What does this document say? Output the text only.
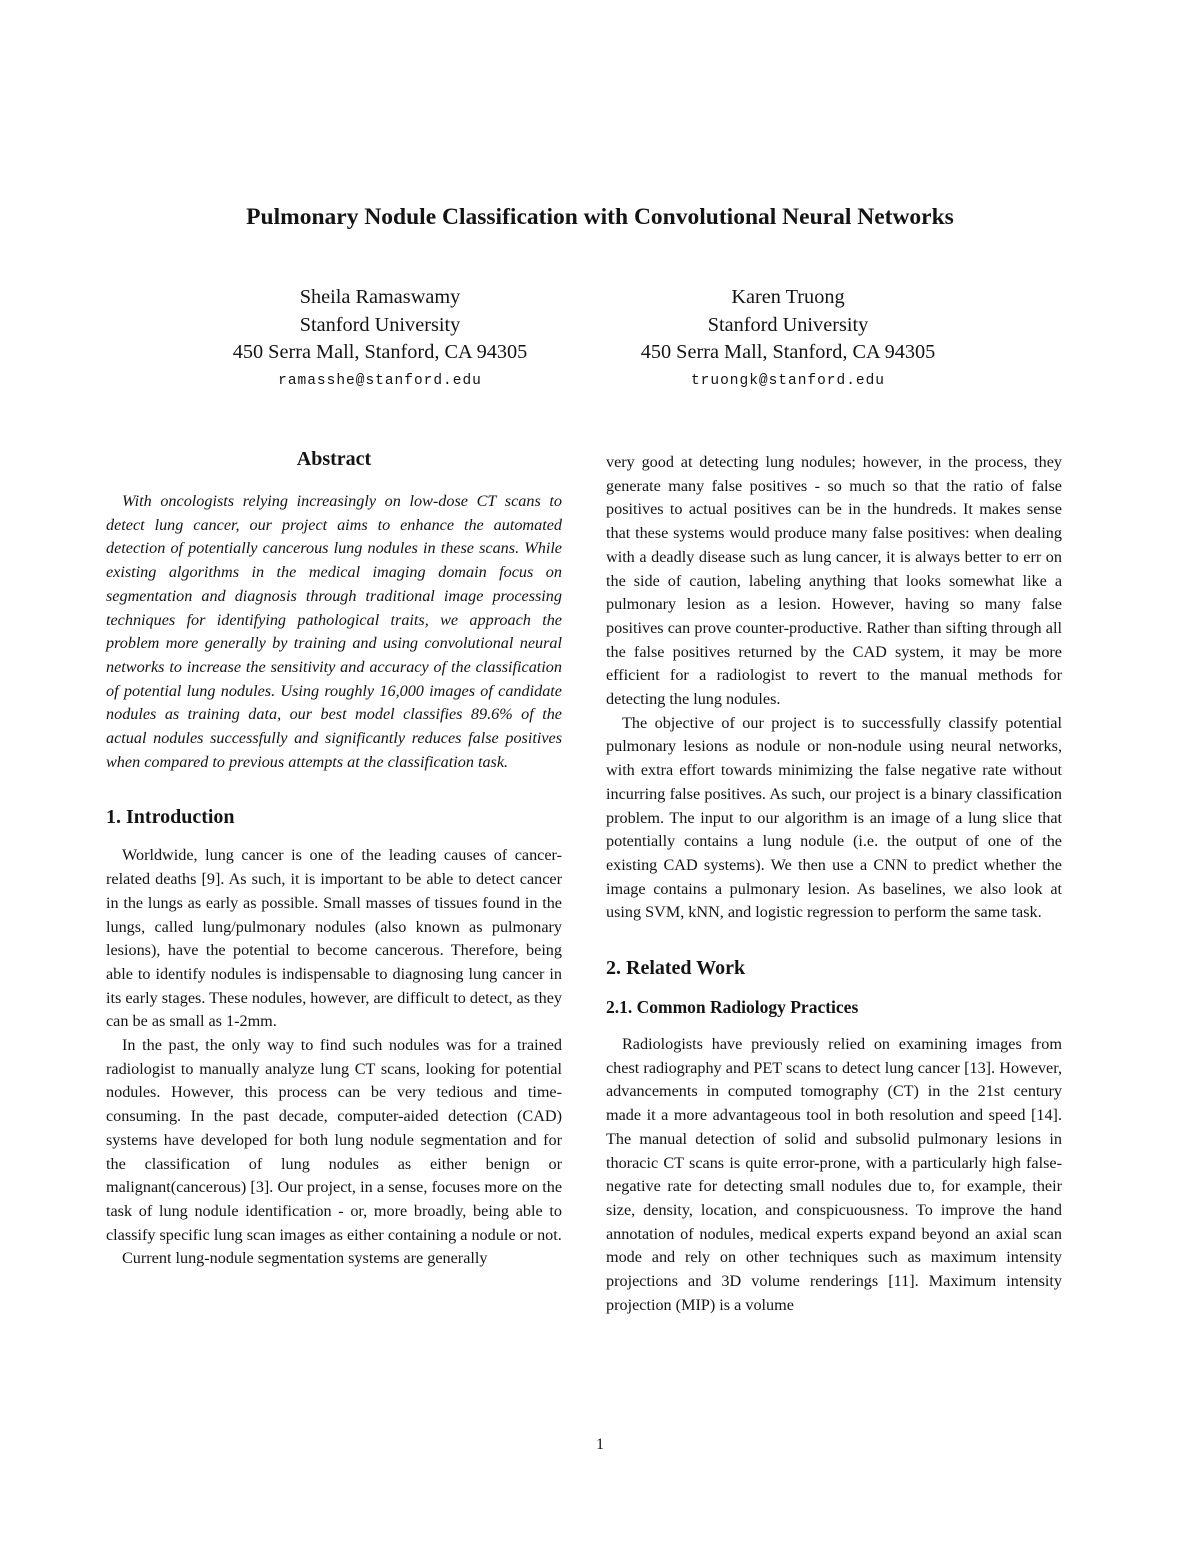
Pulmonary Nodule Classification with Convolutional Neural Networks
Sheila Ramaswamy
Stanford University
450 Serra Mall, Stanford, CA 94305
ramasshe@stanford.edu
Karen Truong
Stanford University
450 Serra Mall, Stanford, CA 94305
truongk@stanford.edu
Abstract

With oncologists relying increasingly on low-dose CT scans to detect lung cancer, our project aims to enhance the automated detection of potentially cancerous lung nodules in these scans. While existing algorithms in the medical imaging domain focus on segmentation and diagnosis through traditional image processing techniques for identifying pathological traits, we approach the problem more generally by training and using convolutional neural networks to increase the sensitivity and accuracy of the classification of potential lung nodules. Using roughly 16,000 images of candidate nodules as training data, our best model classifies 89.6% of the actual nodules successfully and significantly reduces false positives when compared to previous attempts at the classification task.

1. Introduction

Worldwide, lung cancer is one of the leading causes of cancer-related deaths [9]. As such, it is important to be able to detect cancer in the lungs as early as possible. Small masses of tissues found in the lungs, called lung/pulmonary nodules (also known as pulmonary lesions), have the potential to become cancerous. Therefore, being able to identify nodules is indispensable to diagnosing lung cancer in its early stages. These nodules, however, are difficult to detect, as they can be as small as 1-2mm.

In the past, the only way to find such nodules was for a trained radiologist to manually analyze lung CT scans, looking for potential nodules. However, this process can be very tedious and time-consuming. In the past decade, computer-aided detection (CAD) systems have developed for both lung nodule segmentation and for the classification of lung nodules as either benign or malignant(cancerous) [3]. Our project, in a sense, focuses more on the task of lung nodule identification - or, more broadly, being able to classify specific lung scan images as either containing a nodule or not.

Current lung-nodule segmentation systems are generally

very good at detecting lung nodules; however, in the process, they generate many false positives - so much so that the ratio of false positives to actual positives can be in the hundreds. It makes sense that these systems would produce many false positives: when dealing with a deadly disease such as lung cancer, it is always better to err on the side of caution, labeling anything that looks somewhat like a pulmonary lesion as a lesion. However, having so many false positives can prove counter-productive. Rather than sifting through all the false positives returned by the CAD system, it may be more efficient for a radiologist to revert to the manual methods for detecting the lung nodules.

The objective of our project is to successfully classify potential pulmonary lesions as nodule or non-nodule using neural networks, with extra effort towards minimizing the false negative rate without incurring false positives. As such, our project is a binary classification problem. The input to our algorithm is an image of a lung slice that potentially contains a lung nodule (i.e. the output of one of the existing CAD systems). We then use a CNN to predict whether the image contains a pulmonary lesion. As baselines, we also look at using SVM, kNN, and logistic regression to perform the same task.

2. Related Work
2.1. Common Radiology Practices

Radiologists have previously relied on examining images from chest radiography and PET scans to detect lung cancer [13]. However, advancements in computed tomography (CT) in the 21st century made it a more advantageous tool in both resolution and speed [14]. The manual detection of solid and subsolid pulmonary lesions in thoracic CT scans is quite error-prone, with a particularly high false-negative rate for detecting small nodules due to, for example, their size, density, location, and conspicuousness. To improve the hand annotation of nodules, medical experts expand beyond an axial scan mode and rely on other techniques such as maximum intensity projections and 3D volume renderings [11]. Maximum intensity projection (MIP) is a volume

1
